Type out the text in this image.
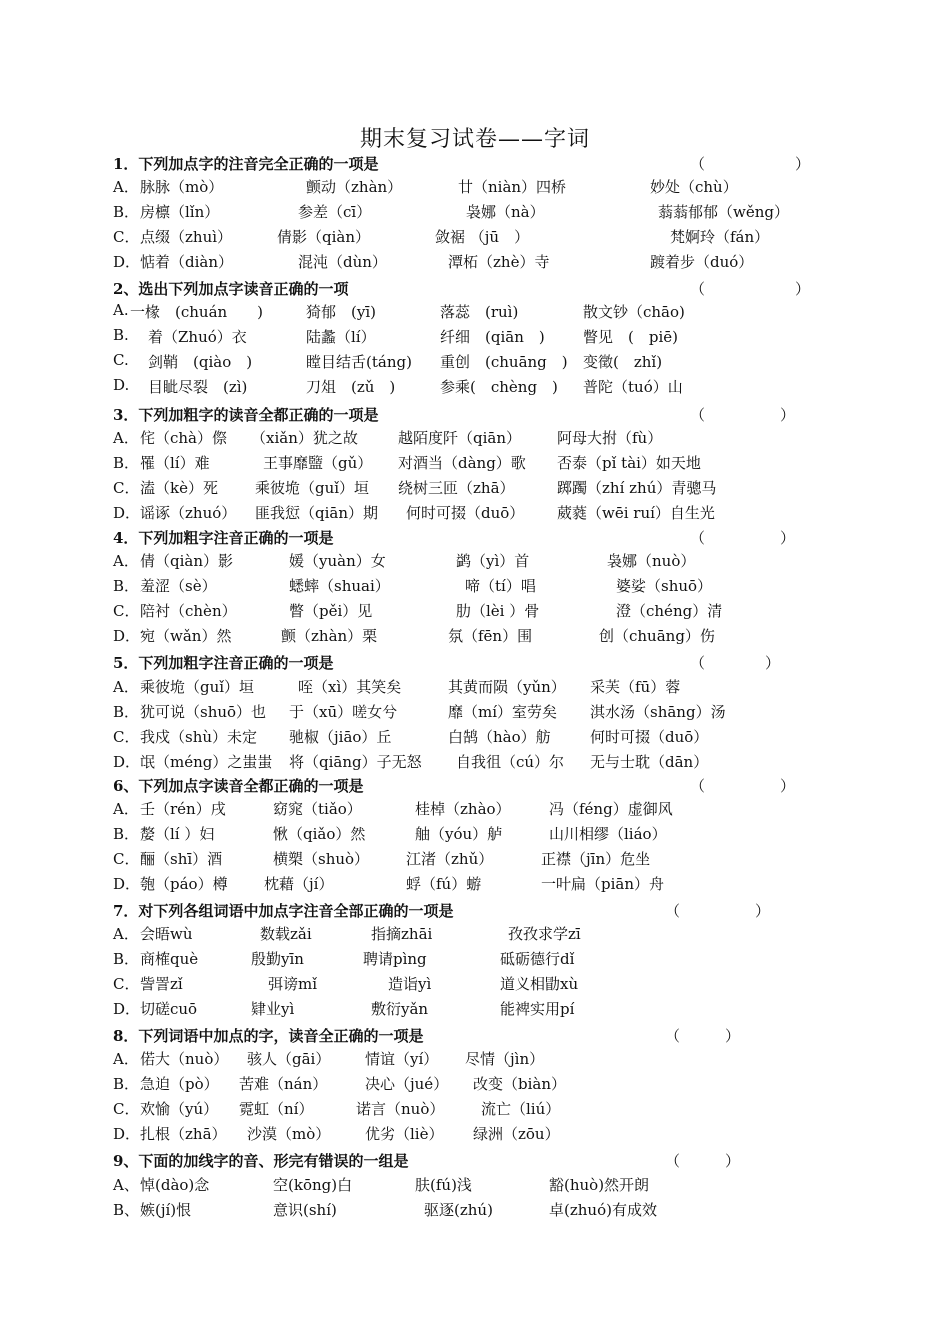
期末复习试卷——字词
1．下列加点字的注音完全正确的一项是	（　　　　　　）
A． 脉脉（mò）	颤动（zhàn）	廿（niàn）四桥	妙处（chù）
B． 房檩（lǐn）	参差（cī）	袅娜（nà）	蓊蓊郁郁（wěng）
C． 点缀（zhuì）	倩影（qiàn）	敛裾 （jū　）	梵婀玲（fán）
D． 惦着（diàn）	混沌（dùn）	潭柘（zhè）寺	踱着步（duó）
2、选出下列加点字读音正确的一项	（　　　　　　）
A. 一椽　(chuán　　)	猗郁　(yī)	落蕊　(ruì)	散文钞（chāo)
B. 着（Zhuó）衣	陆蠡（lí）	纤细　(qiān　)	瞥见　(　piē)
C. 剑鞘　(qiào　)	瞠目结舌(táng) 重创　(chuāng　) 变徵(　zhǐ)
D. 目眦尽裂　(zì)	刀俎　(zǔ　)	参乘(　chèng　) 普陀（tuó）山
3．下列加粗字的读音全都正确的一项是	（　　　　　）
A． 侘（chà）傺 （xiǎn）犹之故	越陌度阡（qiān） 阿母大拊（fù）
B． 罹（lí）难	王事靡盬（gǔ） 对酒当（dàng）歌 否泰（pǐ tài）如天地
C． 溘（kè）死 乘彼垝（guǐ）垣 绕树三匝（zhā）	踯躅（zhí zhú）青骢马
D． 谣诼（zhuó） 匪我愆（qiān）期 何时可掇（duō） 葳蕤（wēi ruí）自生光
4．下列加粗字注音正确的一项是	（　　　　　）
A． 倩（qiàn）影	媛（yuàn）女	鹢（yì）首	袅娜（nuò）
B． 羞涩（sè）	蟋蟀（shuai）	啼（tí）唱	婆娑（shuō）
C． 陪衬（chèn）	瞥（pěi）见	肋（lèi ）骨	澄（chéng）清
D． 宛（wǎn）然	颤（zhàn）栗	氛（fēn）围	创（chuāng）伤
5．下列加粗字注音正确的一项是	（　　　　）
A． 乘彼垝（guǐ）垣	咥（xì）其笑矣	其黄而陨（yǔn） 采芙（fū）蓉
B． 犹可说（shuō）也 于（xū）嗟女兮	靡（mí）室劳矣 淇水汤（shāng）汤
C． 我戍（shù）未定 驰椒（jiāo）丘	白鹄（hào）舫	何时可掇（duō）
D． 氓（méng）之蚩蚩 将（qiāng）子无怒 自我徂（cú）尔 无与士耽（dān）
6、下列加点字读音全都正确的一项是	（　　　　　）
A． 壬（rén）戌	窈窕（tiǎo）	桂棹（zhào）	冯（féng）虚御风
B． 嫠（lí ）妇	愀（qiǎo）然	舳（yóu）舻	山川相缪（liáo）
C． 酾（shī）酒	横槊（shuò） 江渚（zhǔ）	正襟（jīn）危坐
D． 匏（páo）樽 枕藉（jí）	蜉（fú）蝣	一叶扁（piān）舟
7．对下列各组词语中加点字注音全部正确的一项是	（　　　　　）
A． 会晤wù	数载zǎi	指摘zhāi	孜孜求学zī
B． 商榷què	殷勤yīn	聘请pìng	砥砺德行dǐ
C． 訾詈zǐ	弭谤mǐ	造诣yì	道义相勖xù
D． 切磋cuō	肄业yì	敷衍yǎn	能裨实用pí
8．下列词语中加点的字，读音全正确的一项是	（　　　）
A． 偌大（nuò） 骇人（gāi） 情谊（yí） 尽情（jìn）
B． 急迫（pò） 苦难（nán）	决心（jué） 改变（biàn）
C． 欢愉（yú） 霓虹（ní）	诺言（nuò） 流亡（liú）
D． 扎根（zhā） 沙漠（mò） 优劣（liè） 绿洲（zōu）
9、下面的加线字的音、形完有错误的一组是	（　　　）
A、 悼(dào)念	空(kōng)白	肤(fú)浅	豁(huò)然开朗
B、 嫉(jí)恨	意识(shí)	驱逐(zhú)	卓(zhuó)有成效
